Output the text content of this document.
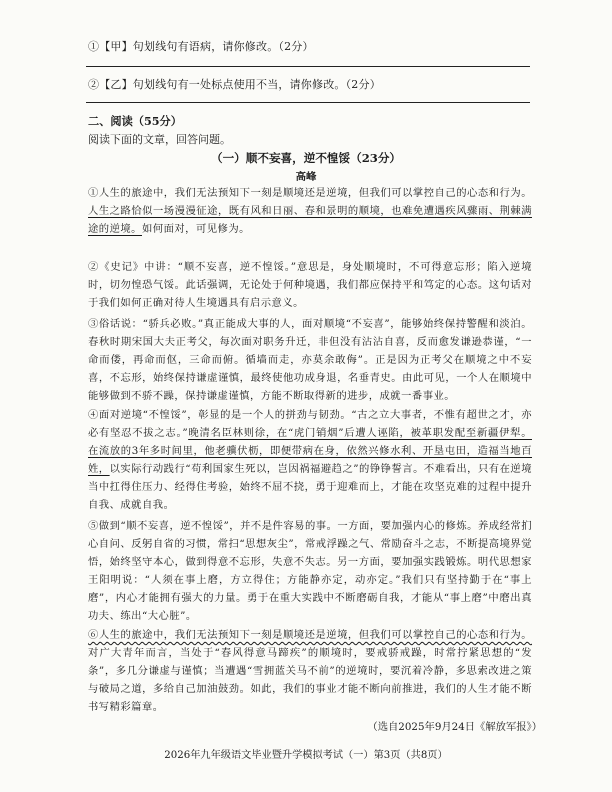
①【甲】句划线句有语病，请你修改。（2分）
②【乙】句划线句有一处标点使用不当，请你修改。（2分）
二、阅读（55分）
阅读下面的文章，回答问题。
（一）顺不妄喜，逆不惶馁（23分）
高峰

①人生的旅途中，我们无法预知下一刻是顺境还是逆境，但我们可以掌控自己的心态和行为。人生之路恰似一场漫漫征途，既有风和日丽、春和景明的顺境，也难免遭遇疾风骤雨、荆棘满途的逆境。如何面对，可见修为。

②《史记》中讲：“顺不妄喜，逆不惶馁。”意思是，身处顺境时，不可得意忘形；陷入逆境时，切勿惶恐气馁。此话强调，无论处于何种境遇，我们都应保持平和笃定的心态。这句话对于我们如何正确对待人生境遇具有启示意义。

③俗话说：“骄兵必败。”真正能成大事的人，面对顺境“不妄喜”，能够始终保持警醒和淡泊。春秋时期宋国大夫正考父，每次面对职务升迁，非但没有沾沾自喜，反而愈发谦逊恭谨，“一命而偻，再命而伛，三命而俯。循墙而走，亦莫余敢侮”。正是因为正考父在顺境之中不妄喜，不忘形，始终保持谦虚谨慎，最终使他功成身退，名垂青史。由此可见，一个人在顺境中能够做到不骄不躁，保持谦虚谨慎，方能不断取得新的进步，成就一番事业。

④面对逆境“不惶馁”，彰显的是一个人的拼劲与韧劲。“古之立大事者，不惟有超世之才，亦必有坚忍不拔之志。”晚清名臣林则徐，在“虎门销烟”后遭人诬陷，被革职发配至新疆伊犁。在流放的3年多时间里，他老骥伏枥，即便带病在身，依然兴修水利、开垦屯田，造福当地百姓，以实际行动践行“苟利国家生死以，岂因祸福避趋之”的铮铮誓言。不难看出，只有在逆境当中扛得住压力、经得住考验，始终不屈不挠，勇于迎难而上，才能在攻坚克难的过程中提升自我、成就自我。

⑤做到“顺不妄喜，逆不惶馁”，并不是件容易的事。一方面，要加强内心的修炼。养成经常扪心自问、反躬自省的习惯，常扫“思想灰尘”，常戒浮躁之气、常励奋斗之志，不断提高境界觉悟，始终坚守本心，做到得意不忘形，失意不失志。另一方面，要加强实践锻炼。明代思想家王阳明说：“人须在事上磨，方立得住；方能静亦定，动亦定。”我们只有坚持勤于在“事上磨”，内心才能拥有强大的力量。勇于在重大实践中不断磨砺自我，才能从“事上磨”中磨出真功夫、练出“大心脏”。

⑥人生的旅途中，我们无法预知下一刻是顺境还是逆境，但我们可以掌控自己的心态和行为。对广大青年而言，当处于“春风得意马蹄疾”的顺境时，要戒骄戒躁，时常拧紧思想的“发条”，多几分谦虚与谨慎；当遭遇“雪拥蓝关马不前”的逆境时，要沉着冷静，多思索改进之策与破局之道，多给自己加油鼓劲。如此，我们的事业才能不断向前推进，我们的人生才能不断书写精彩篇章。

（选自2025年9月24日《解放军报》）
2026年九年级语文毕业暨升学模拟考试（一）第3页（共8页）
